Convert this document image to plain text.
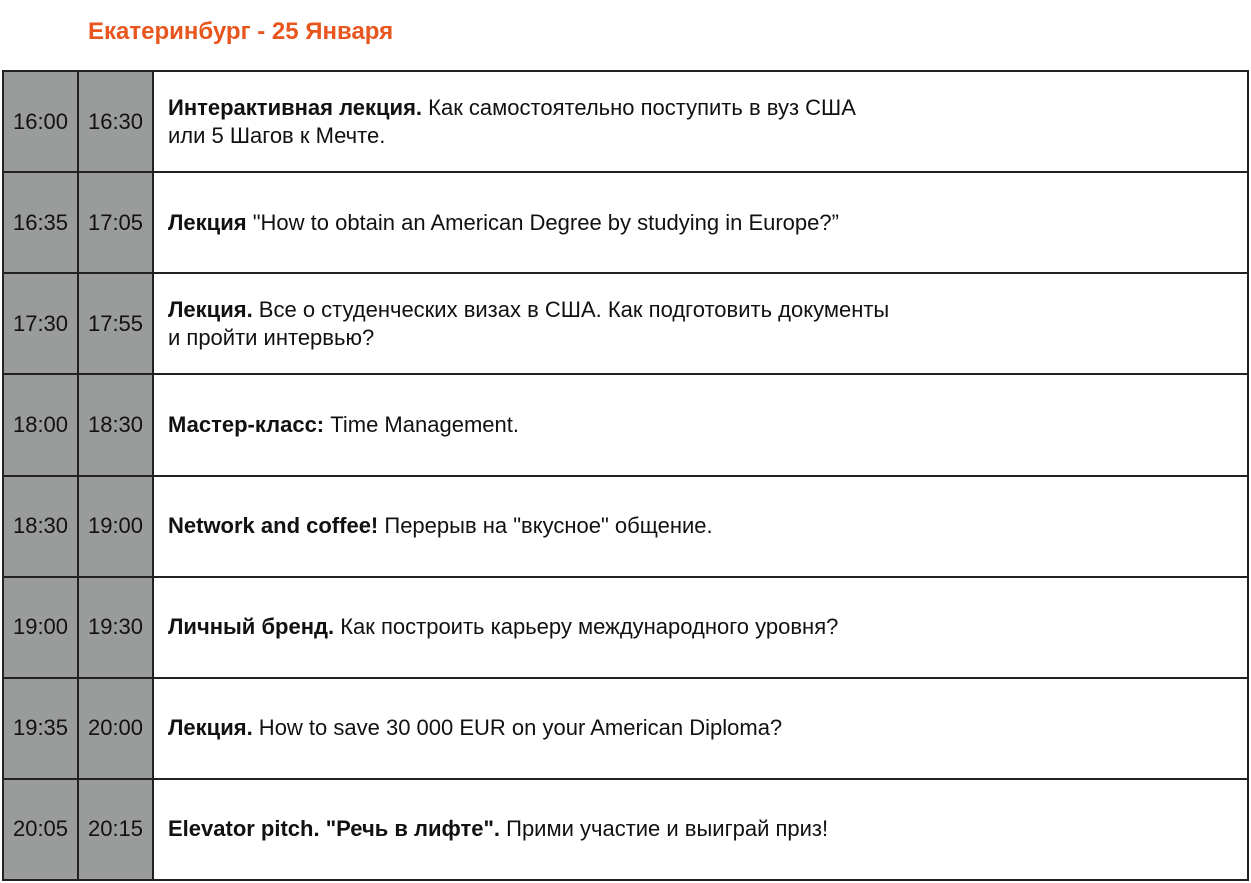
Екатеринбург - 25 Января
16:00	16:30	Интерактивная лекция. Как самостоятельно поступить в вуз США
или 5 Шагов к Мечте.

16:35	17:05	Лекция "How to obtain an American Degree by studying in Europe?”
17:30	17:55	Лекция. Все о студенческих визах в США. Как подготовить документы
и пройти интервью?

18:00	18:30	Мастер-класс: Time Management.
18:30	19:00	Network and coffee! Перерыв на "вкусное" общение.
19:00	19:30	Личный бренд. Как построить карьеру международного уровня?
19:35	20:00	Лекция. How to save 30 000 EUR on your American Diploma?
20:05	20:15	Elevator pitch. "Речь в лифте". Прими участие и выиграй приз!
